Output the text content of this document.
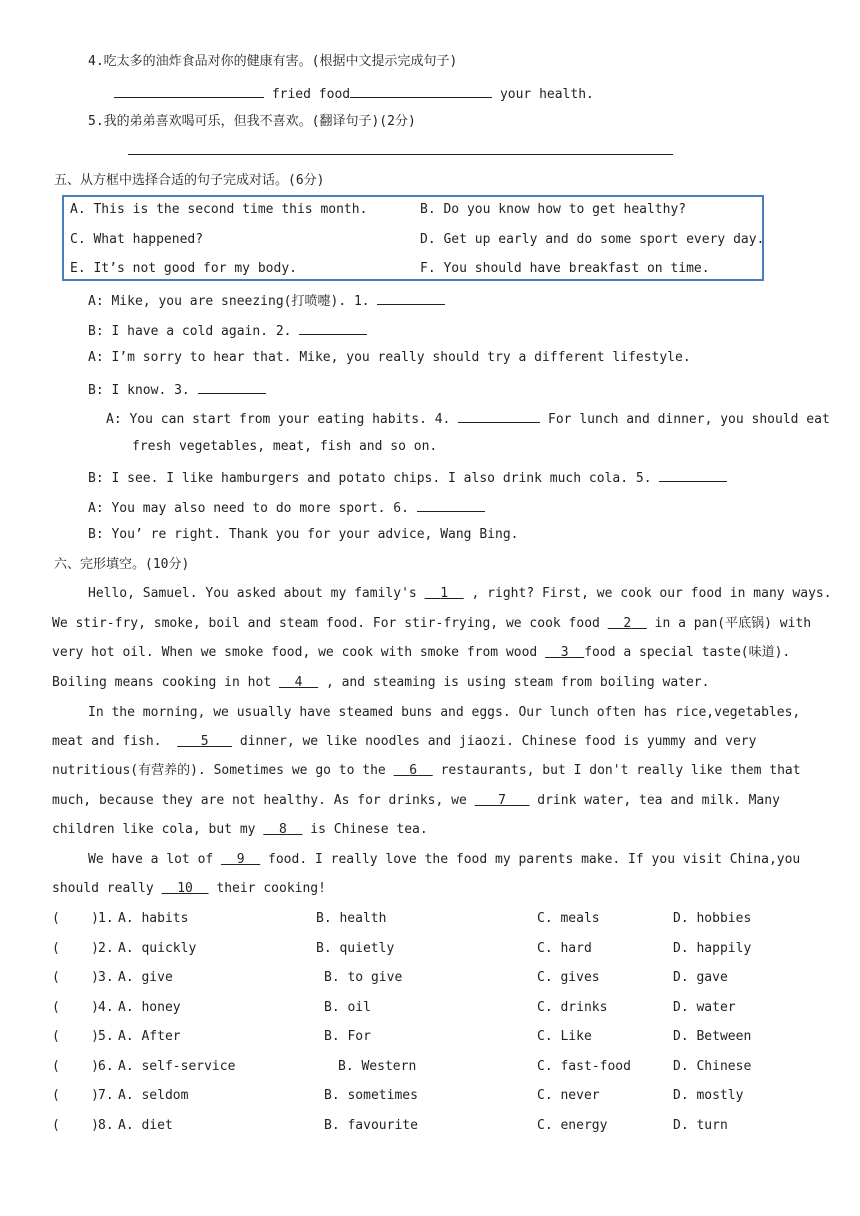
4.吃太多的油炸食品对你的健康有害。(根据中文提示完成句子)
fried food	your health.
5.我的弟弟喜欢喝可乐，但我不喜欢。(翻译句子)(2分)
五、从方框中选择合适的句子完成对话。(6分)
A. This is the second time this month.	B. Do you know how to get healthy?
C. What happened?	D. Get up early and do some sport every day.
E. It’s not good for my body.	F. You should have breakfast on time.
A: Mike, you are sneezing(打喷嚏). 1.
B: I have a cold again. 2.
A: I’m sorry to hear that. Mike, you really should try a different lifestyle.
B: I know. 3.
A: You can start from your eating habits. 4.	For lunch and dinner, you should eat
fresh vegetables, meat, fish and so on.
B: I see. I like hamburgers and potato chips. I also drink much cola. 5.
A: You may also need to do more sport. 6.
B: You’ re right. Thank you for your advice, Wang Bing.
六、完形填空。(10分)
Hello, Samuel. You asked about my family's 1 , right? First, we cook our food in many ways.
We stir-fry, smoke, boil and steam food. For stir-frying, we cook food 2 in a pan(平底锅) with
very hot oil. When we smoke food, we cook with smoke from wood 3 food a special taste(味道).
Boiling means cooking in hot 4 , and steaming is using steam from boiling water.
In the morning, we usually have steamed buns and eggs. Our lunch often has rice,vegetables,
meat and fish.	5 dinner, we like noodles and jiaozi. Chinese food is yummy and very
nutritious(有营养的). Sometimes we go to the 6 restaurants, but I don't really like them that
much, because they are not healthy. As for drinks, we 7 drink water, tea and milk. Many
children like cola, but my 8 is Chinese tea.
We have a lot of 9 food. I really love the food my parents make. If you visit China,you
should really 10 their cooking!
(    ) 1. A. habits	B. health	C. meals	D. hobbies
(    ) 2. A. quickly	B. quietly	C. hard	D. happily
(    ) 3. A. give	B. to give	C. gives	D. gave
(    ) 4. A. honey	B. oil	C. drinks	D. water
(    ) 5. A. After	B. For	C. Like	D. Between
(    ) 6. A. self-service	B. Western	C. fast-food	D. Chinese
(    ) 7. A. seldom	B. sometimes	C. never	D. mostly
(    ) 8. A. diet	B. favourite	C. energy	D. turn
